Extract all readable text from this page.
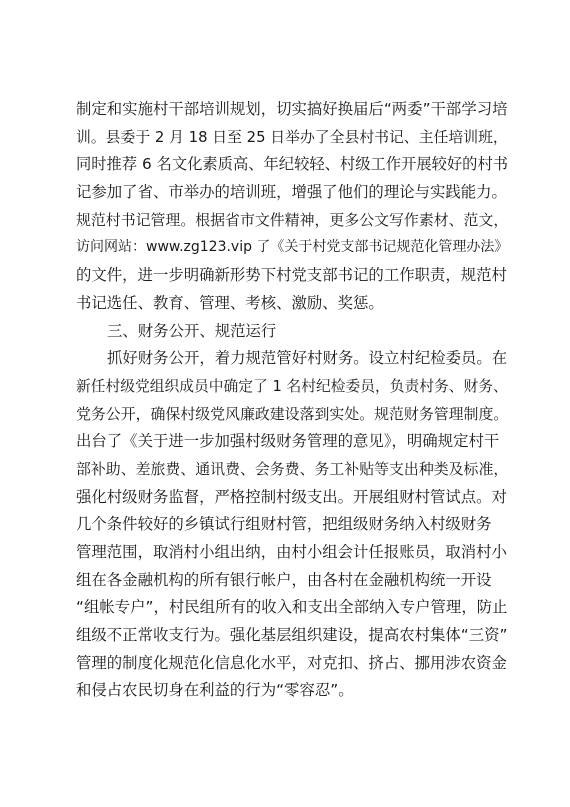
制定和实施村干部培训规划，切实搞好换届后“两委”干部学习培
训。县委于 2 月 18 日至 25 日举办了全县村书记、主任培训班，
同时推荐 6 名文化素质高、年纪较轻、村级工作开展较好的村书
记参加了省、市举办的培训班，增强了他们的理论与实践能力。
规范村书记管理。根据省市文件精神，更多公文写作素材、范文，
访问网站：www.zg123.vip 了《关于村党支部书记规范化管理办法》
的文件，进一步明确新形势下村党支部书记的工作职责，规范村
书记选任、教育、管理、考核、激励、奖惩。
三、财务公开、规范运行
抓好财务公开，着力规范管好村财务。设立村纪检委员。在
新任村级党组织成员中确定了 1 名村纪检委员，负责村务、财务、
党务公开，确保村级党风廉政建设落到实处。规范财务管理制度。
出台了《关于进一步加强村级财务管理的意见》，明确规定村干
部补助、差旅费、通讯费、会务费、务工补贴等支出种类及标准，
强化村级财务监督，严格控制村级支出。开展组财村管试点。对
几个条件较好的乡镇试行组财村管，把组级财务纳入村级财务
管理范围，取消村小组出纳，由村小组会计任报账员，取消村小
组在各金融机构的所有银行帐户，由各村在金融机构统一开设
“组帐专户”，村民组所有的收入和支出全部纳入专户管理，防止
组级不正常收支行为。强化基层组织建设，提高农村集体“三资”
管理的制度化规范化信息化水平，对克扣、挤占、挪用涉农资金
和侵占农民切身在利益的行为“零容忍”。
